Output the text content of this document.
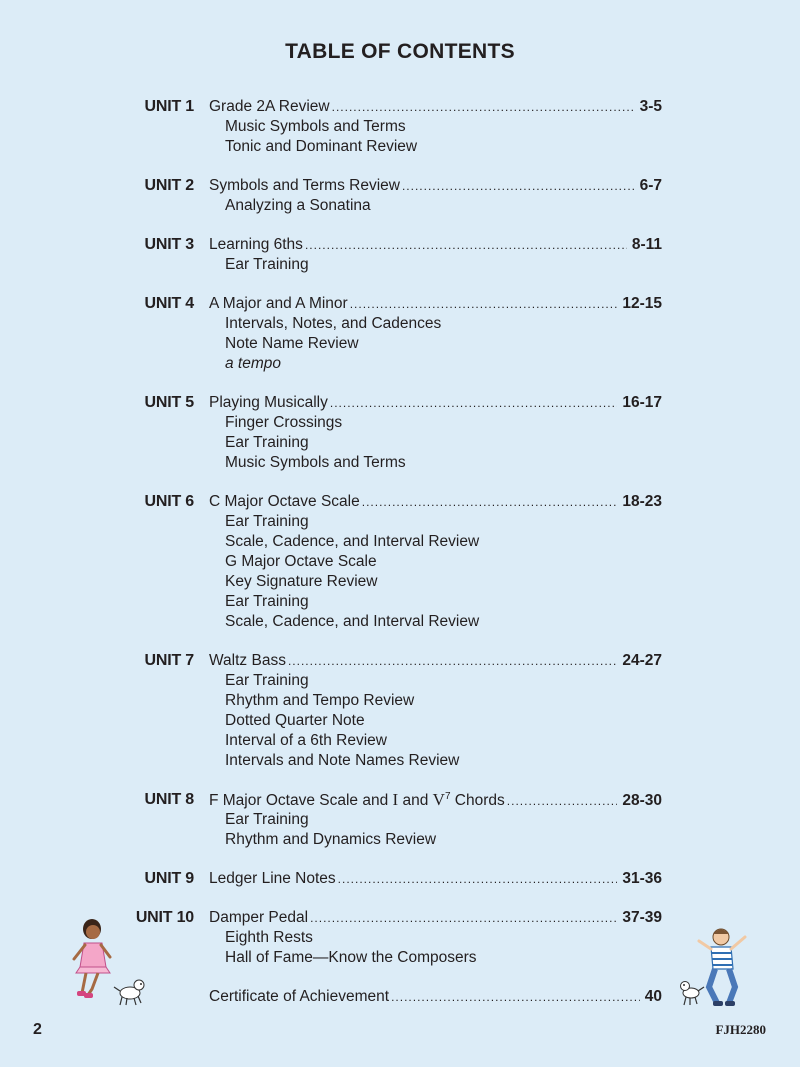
TABLE OF CONTENTS
UNIT 1 Grade 2A Review .....	3-5
Music Symbols and Terms
Tonic and Dominant Review
UNIT 2 Symbols and Terms Review .....	6-7
Analyzing a Sonatina
UNIT 3 Learning 6ths .....	8-11
Ear Training
UNIT 4 A Major and A Minor .....	12-15
Intervals, Notes, and Cadences
Note Name Review
a tempo
UNIT 5 Playing Musically .....	16-17
Finger Crossings
Ear Training
Music Symbols and Terms
UNIT 6 C Major Octave Scale .....	18-23
Ear Training
Scale, Cadence, and Interval Review
G Major Octave Scale
Key Signature Review
Ear Training
Scale, Cadence, and Interval Review
UNIT 7 Waltz Bass .....	24-27
Ear Training
Rhythm and Tempo Review
Dotted Quarter Note
Interval of a 6th Review
Intervals and Note Names Review
UNIT 8 F Major Octave Scale and I and $V^7$ Chords .....	28-30
Ear Training
Rhythm and Dynamics Review
UNIT 9 Ledger Line Notes .....	31-36
UNIT 10 Damper Pedal .....	37-39
Eighth Rests
Hall of Fame—Know the Composers
Certificate of Achievement .....	40
2	FJH2280
